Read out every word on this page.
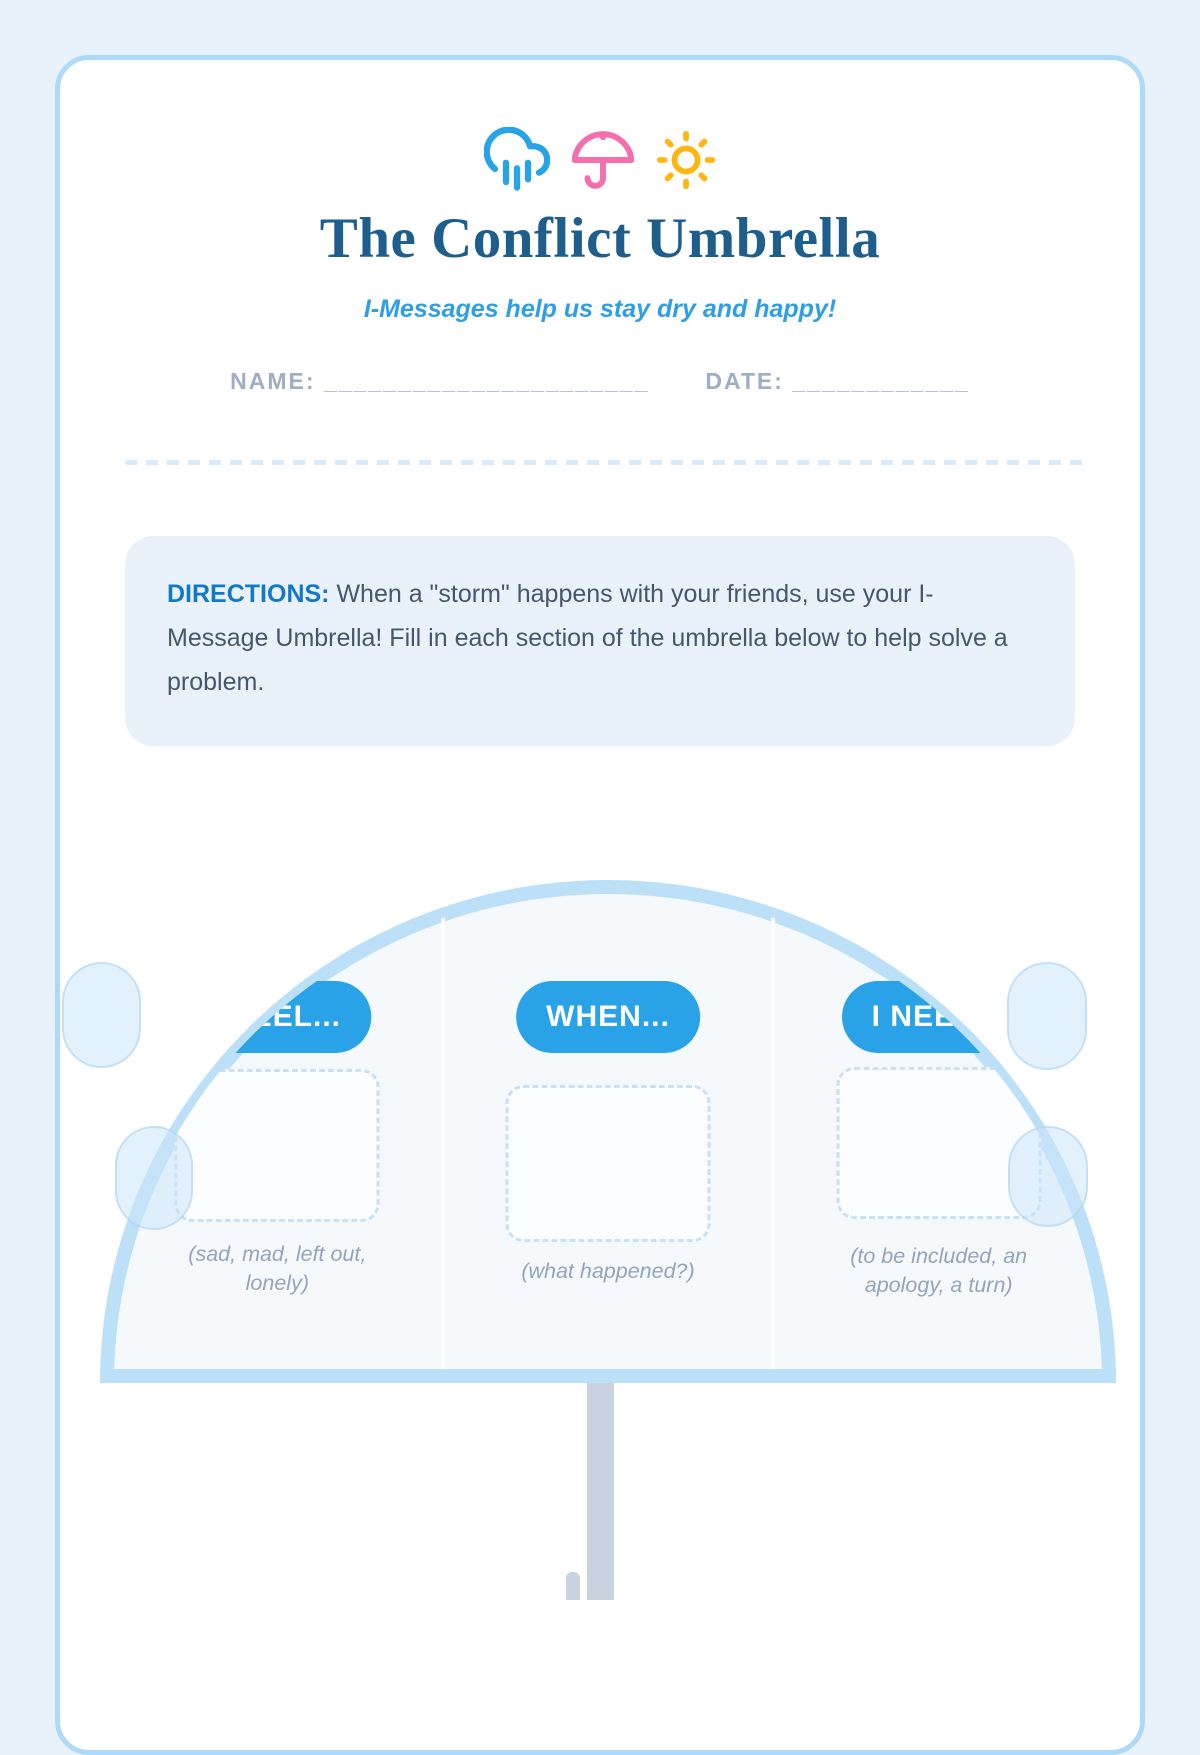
The Conflict Umbrella
I-Messages help us stay dry and happy!
NAME: ______________________ DATE: ____________
DIRECTIONS: When a "storm" happens with your friends, use your I-Message Umbrella! Fill in each section of the umbrella below to help solve a problem.
I FEEL...
(sad, mad, left out, lonely)
WHEN...
(what happened?)
I NEED...
(to be included, an apology, a turn)
